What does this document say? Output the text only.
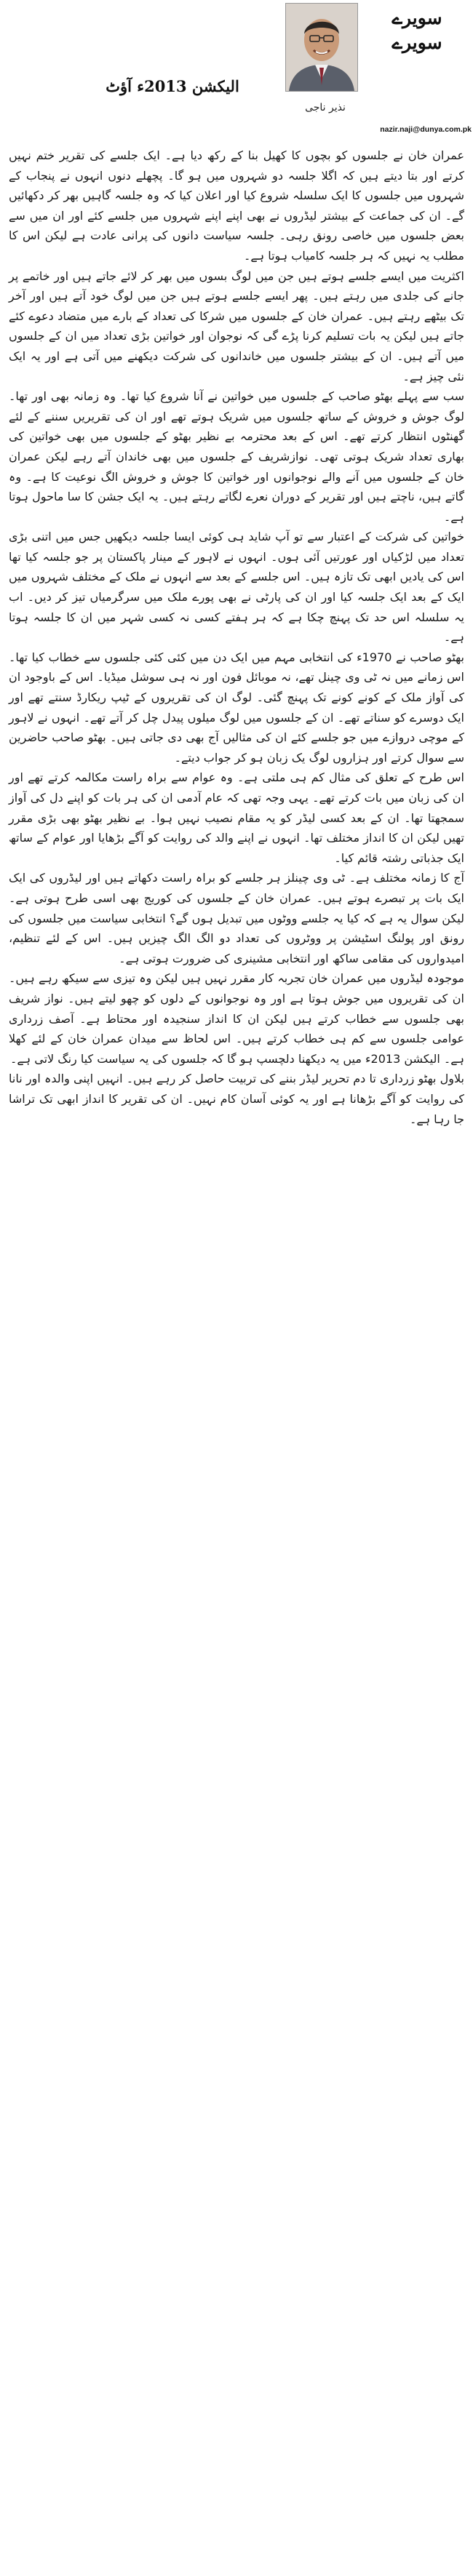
سویرے
سویرے
نذیر ناجی
nazir.naji@dunya.com.pk
الیکشن 2013ء آؤٹ

عمران خان نے جلسوں کو بچوں کا کھیل بنا کے رکھ دیا ہے۔ ایک جلسے کی تقریر ختم نہیں کرتے اور بتا دیتے ہیں کہ اگلا جلسہ دو شہروں میں ہو گا۔ پچھلے دنوں انہوں نے پنجاب کے شہروں میں جلسوں کا ایک سلسلہ شروع کیا اور اعلان کیا کہ وہ جلسہ گاہیں بھر کر دکھائیں گے۔ ان کی جماعت کے بیشتر لیڈروں نے بھی اپنے اپنے شہروں میں جلسے کئے اور ان میں سے بعض جلسوں میں خاصی رونق رہی۔ جلسہ سیاست دانوں کی پرانی عادت ہے لیکن اس کا مطلب یہ نہیں کہ ہر جلسہ کامیاب ہوتا ہے۔

اکثریت میں ایسے جلسے ہوتے ہیں جن میں لوگ بسوں میں بھر کر لائے جاتے ہیں اور خاتمے پر جانے کی جلدی میں رہتے ہیں۔ پھر ایسے جلسے ہوتے ہیں جن میں لوگ خود آتے ہیں اور آخر تک بیٹھے رہتے ہیں۔ عمران خان کے جلسوں میں شرکا کی تعداد کے بارے میں متضاد دعوے کئے جاتے ہیں لیکن یہ بات تسلیم کرنا پڑے گی کہ نوجوان اور خواتین بڑی تعداد میں ان کے جلسوں میں آتے ہیں۔ ان کے بیشتر جلسوں میں خاندانوں کی شرکت دیکھنے میں آتی ہے اور یہ ایک نئی چیز ہے۔

سب سے پہلے بھٹو صاحب کے جلسوں میں خواتین نے آنا شروع کیا تھا۔ وہ زمانہ بھی اور تھا۔ لوگ جوش و خروش کے ساتھ جلسوں میں شریک ہوتے تھے اور ان کی تقریریں سننے کے لئے گھنٹوں انتظار کرتے تھے۔ اس کے بعد محترمہ بے نظیر بھٹو کے جلسوں میں بھی خواتین کی بھاری تعداد شریک ہوتی تھی۔ نوازشریف کے جلسوں میں بھی خاندان آتے رہے لیکن عمران خان کے جلسوں میں آنے والے نوجوانوں اور خواتین کا جوش و خروش الگ نوعیت کا ہے۔ وہ گاتے ہیں، ناچتے ہیں اور تقریر کے دوران نعرے لگاتے رہتے ہیں۔ یہ ایک جشن کا سا ماحول ہوتا ہے۔

خواتین کی شرکت کے اعتبار سے تو آپ شاید ہی کوئی ایسا جلسہ دیکھیں جس میں اتنی بڑی تعداد میں لڑکیاں اور عورتیں آئی ہوں۔ انہوں نے لاہور کے مینار پاکستان پر جو جلسہ کیا تھا اس کی یادیں ابھی تک تازہ ہیں۔ اس جلسے کے بعد سے انہوں نے ملک کے مختلف شہروں میں ایک کے بعد ایک جلسہ کیا اور ان کی پارٹی نے بھی پورے ملک میں سرگرمیاں تیز کر دیں۔ اب یہ سلسلہ اس حد تک پہنچ چکا ہے کہ ہر ہفتے کسی نہ کسی شہر میں ان کا جلسہ ہوتا ہے۔

بھٹو صاحب نے 1970ء کی انتخابی مہم میں ایک دن میں کئی کئی جلسوں سے خطاب کیا تھا۔ اس زمانے میں نہ ٹی وی چینل تھے، نہ موبائل فون اور نہ ہی سوشل میڈیا۔ اس کے باوجود ان کی آواز ملک کے کونے کونے تک پہنچ گئی۔ لوگ ان کی تقریروں کے ٹیپ ریکارڈ سنتے تھے اور ایک دوسرے کو سناتے تھے۔ ان کے جلسوں میں لوگ میلوں پیدل چل کر آتے تھے۔ انہوں نے لاہور کے موچی دروازے میں جو جلسے کئے ان کی مثالیں آج بھی دی جاتی ہیں۔ بھٹو صاحب حاضرین سے سوال کرتے اور ہزاروں لوگ یک زبان ہو کر جواب دیتے۔

اس طرح کے تعلق کی مثال کم ہی ملتی ہے۔ وہ عوام سے براہ راست مکالمہ کرتے تھے اور ان کی زبان میں بات کرتے تھے۔ یہی وجہ تھی کہ عام آدمی ان کی ہر بات کو اپنے دل کی آواز سمجھتا تھا۔ ان کے بعد کسی لیڈر کو یہ مقام نصیب نہیں ہوا۔ بے نظیر بھٹو بھی بڑی مقرر تھیں لیکن ان کا انداز مختلف تھا۔ انہوں نے اپنے والد کی روایت کو آگے بڑھایا اور عوام کے ساتھ ایک جذباتی رشتہ قائم کیا۔

آج کا زمانہ مختلف ہے۔ ٹی وی چینلز ہر جلسے کو براہ راست دکھاتے ہیں اور لیڈروں کی ایک ایک بات پر تبصرے ہوتے ہیں۔ عمران خان کے جلسوں کی کوریج بھی اسی طرح ہوتی ہے۔ لیکن سوال یہ ہے کہ کیا یہ جلسے ووٹوں میں تبدیل ہوں گے؟ انتخابی سیاست میں جلسوں کی رونق اور پولنگ اسٹیشن پر ووٹروں کی تعداد دو الگ الگ چیزیں ہیں۔ اس کے لئے تنظیم، امیدواروں کی مقامی ساکھ اور انتخابی مشینری کی ضرورت ہوتی ہے۔

موجودہ لیڈروں میں عمران خان تجربہ کار مقرر نہیں ہیں لیکن وہ تیزی سے سیکھ رہے ہیں۔ ان کی تقریروں میں جوش ہوتا ہے اور وہ نوجوانوں کے دلوں کو چھو لیتے ہیں۔ نواز شریف بھی جلسوں سے خطاب کرتے ہیں لیکن ان کا انداز سنجیدہ اور محتاط ہے۔ آصف زرداری عوامی جلسوں سے کم ہی خطاب کرتے ہیں۔ اس لحاظ سے میدان عمران خان کے لئے کھلا ہے۔ الیکشن 2013ء میں یہ دیکھنا دلچسپ ہو گا کہ جلسوں کی یہ سیاست کیا رنگ لاتی ہے۔

بلاول بھٹو زرداری تا دم تحریر لیڈر بننے کی تربیت حاصل کر رہے ہیں۔ انہیں اپنی والدہ اور نانا کی روایت کو آگے بڑھانا ہے اور یہ کوئی آسان کام نہیں۔ ان کی تقریر کا انداز ابھی تک تراشا جا رہا ہے۔
